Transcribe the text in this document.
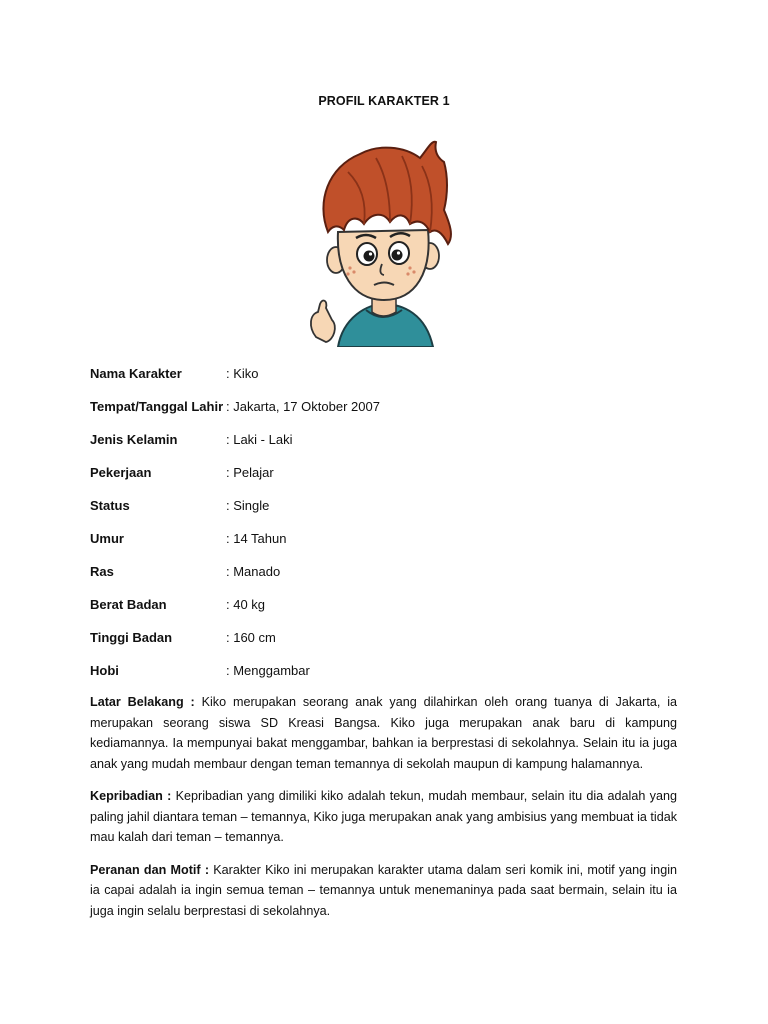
PROFIL KARAKTER 1
Nama Karakter	: Kiko
Tempat/Tanggal Lahir : Jakarta, 17 Oktober 2007
Jenis Kelamin	: Laki - Laki
Pekerjaan	: Pelajar
Status	: Single
Umur	: 14 Tahun
Ras	: Manado
Berat Badan	: 40 kg
Tinggi Badan	: 160 cm
Hobi	: Menggambar

Latar Belakang : Kiko merupakan seorang anak yang dilahirkan oleh orang tuanya di Jakarta, ia merupakan seorang siswa SD Kreasi Bangsa. Kiko juga merupakan anak baru di kampung kediamannya. Ia mempunyai bakat menggambar, bahkan ia berprestasi di sekolahnya. Selain itu ia juga anak yang mudah membaur dengan teman temannya di sekolah maupun di kampung halamannya.

Kepribadian : Kepribadian yang dimiliki kiko adalah tekun, mudah membaur, selain itu dia adalah yang paling jahil diantara teman – temannya, Kiko juga merupakan anak yang ambisius yang membuat ia tidak mau kalah dari teman – temannya.

Peranan dan Motif : Karakter Kiko ini merupakan karakter utama dalam seri komik ini, motif yang ingin ia capai adalah ia ingin semua teman – temannya untuk menemaninya pada saat bermain, selain itu ia juga ingin selalu berprestasi di sekolahnya.
